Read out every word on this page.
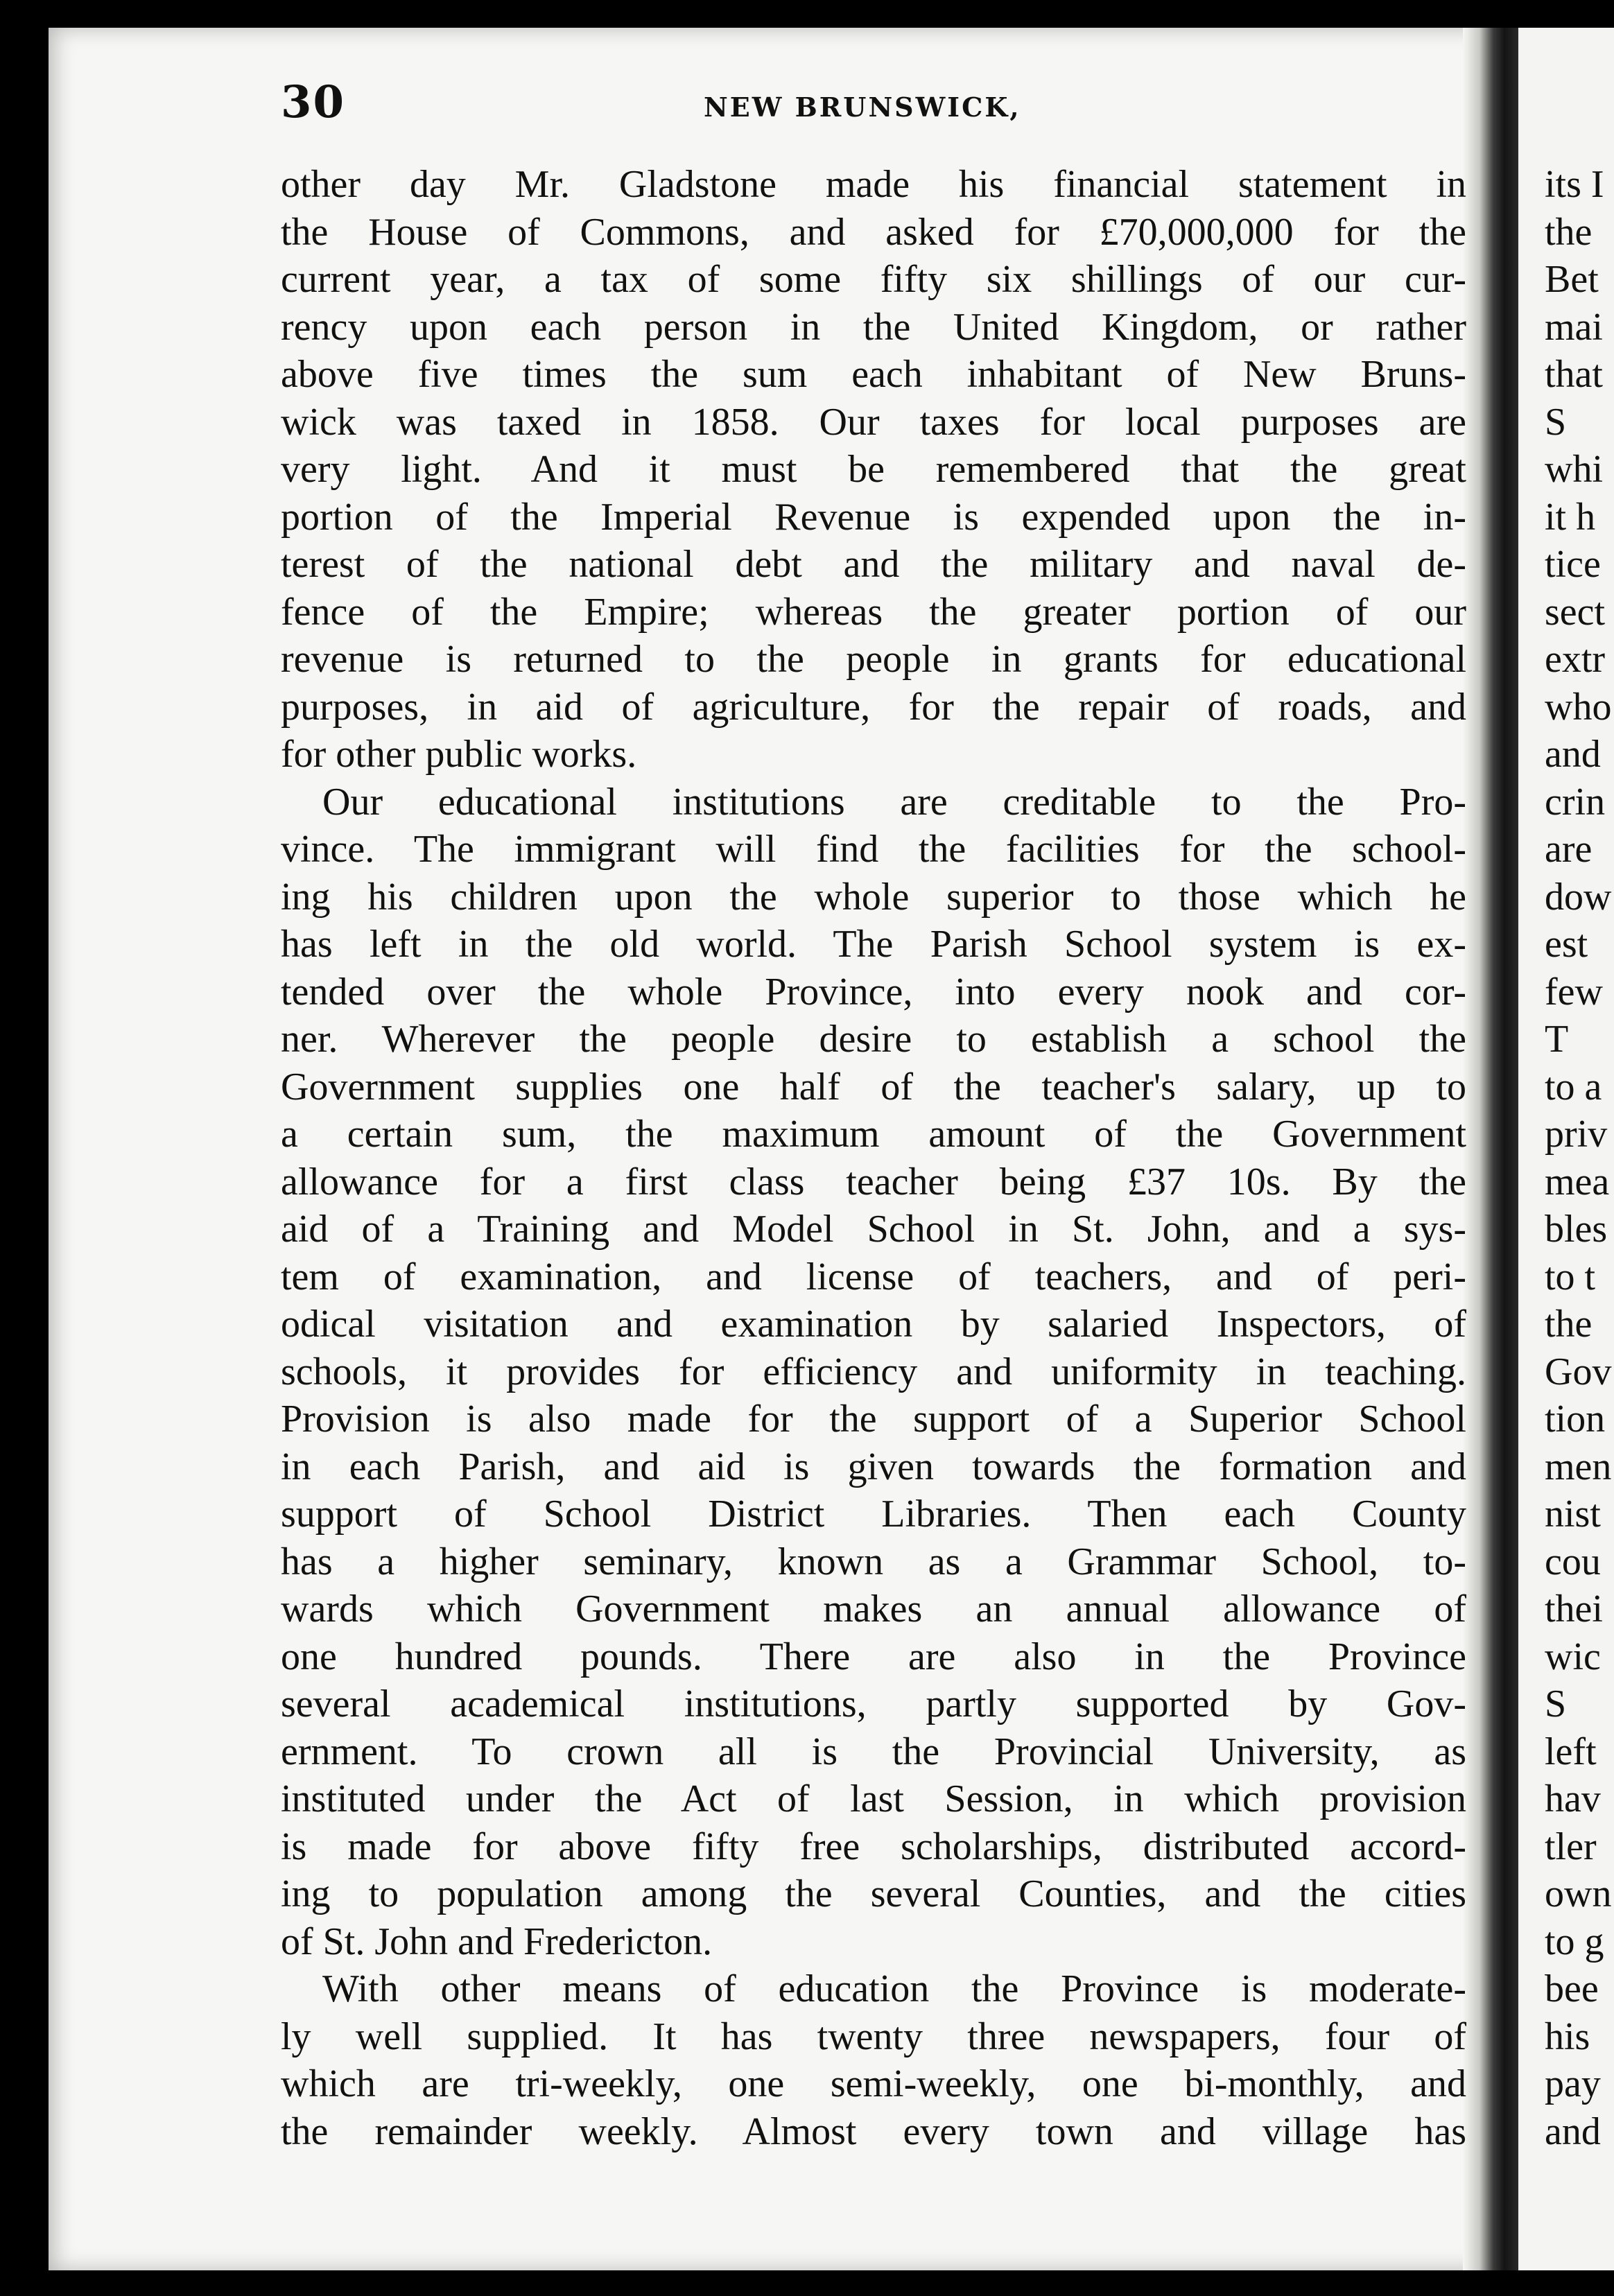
30	NEW BRUNSWICK,
other day Mr. Gladstone made his financial statement in
the House of Commons, and asked for £70,000,000 for the
current year, a tax of some fifty six shillings of our cur-
rency upon each person in the United Kingdom, or rather
above five times the sum each inhabitant of New Bruns-
wick was taxed in 1858. Our taxes for local purposes are
very light. And it must be remembered that the great
portion of the Imperial Revenue is expended upon the in-
terest of the national debt and the military and naval de-
fence of the Empire; whereas the greater portion of our
revenue is returned to the people in grants for educational
purposes, in aid of agriculture, for the repair of roads, and
for other public works.
Our educational institutions are creditable to the Pro-
vince. The immigrant will find the facilities for the school-
ing his children upon the whole superior to those which he
has left in the old world. The Parish School system is ex-
tended over the whole Province, into every nook and cor-
ner. Wherever the people desire to establish a school the
Government supplies one half of the teacher's salary, up to
a certain sum, the maximum amount of the Government
allowance for a first class teacher being £37 10s. By the
aid of a Training and Model School in St. John, and a sys-
tem of examination, and license of teachers, and of peri-
odical visitation and examination by salaried Inspectors, of
schools, it provides for efficiency and uniformity in teaching.
Provision is also made for the support of a Superior School
in each Parish, and aid is given towards the formation and
support of School District Libraries. Then each County
has a higher seminary, known as a Grammar School, to-
wards which Government makes an annual allowance of
one hundred pounds. There are also in the Province
several academical institutions, partly supported by Gov-
ernment. To crown all is the Provincial University, as
instituted under the Act of last Session, in which provision
is made for above fifty free scholarships, distributed accord-
ing to population among the several Counties, and the cities
of St. John and Fredericton.
With other means of education the Province is moderate-
ly well supplied. It has twenty three newspapers, four of
which are tri-weekly, one semi-weekly, one bi-monthly, and
the remainder weekly. Almost every town and village has
its I
the
Bet
mai
that
S
whi
it h
tice
sect
extr
who
and
crin
are
dow
est
few
T
to a
priv
mea
bles
to t
the
Gov
tion
men
nist
cou
thei
wic
S
left
hav
tler
own
to g
bee
his
pay
and
